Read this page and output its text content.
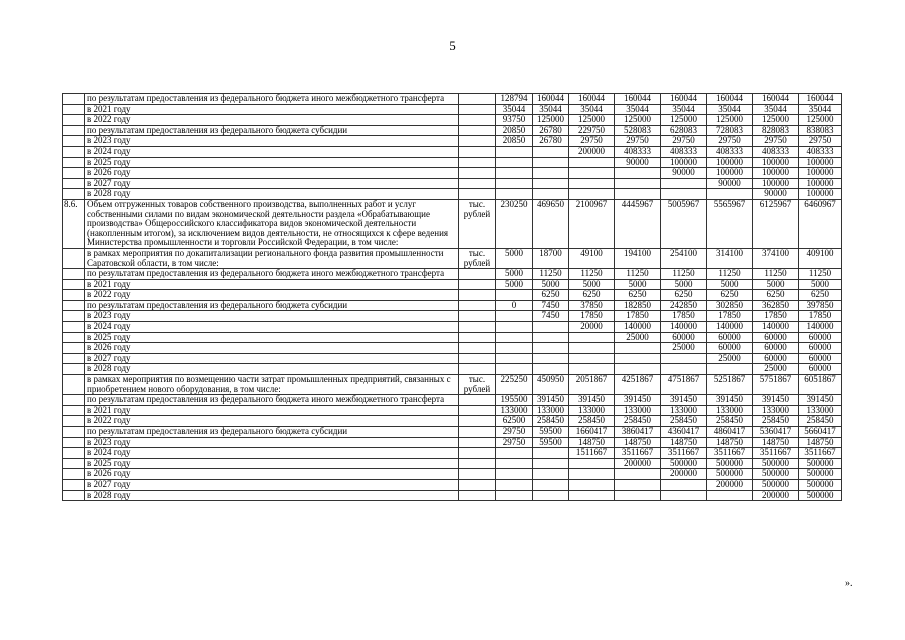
5
	по результатам предоставления из федерального бюджета иного межбюджетного трансферта		128794	160044	160044	160044	160044	160044	160044	160044
	в 2021 году		35044	35044	35044	35044	35044	35044	35044	35044
	в 2022 году		93750	125000	125000	125000	125000	125000	125000	125000
	по результатам предоставления из федерального бюджета субсидии		20850	26780	229750	528083	628083	728083	828083	838083
	в 2023 году		20850	26780	29750	29750	29750	29750	29750	29750
	в 2024 году				200000	408333	408333	408333	408333	408333
	в 2025 году					90000	100000	100000	100000	100000
	в 2026 году						90000	100000	100000	100000
	в 2027 году							90000	100000	100000
	в 2028 году								90000	100000
8.6.	Объем отгруженных товаров собственного производства, выполненных работ и услуг собственными силами по видам экономической деятельности раздела «Обрабатывающие производства» Общероссийского классификатора видов экономической деятельности (накопленным итогом), за исключением видов деятельности, не относящихся к сфере ведения Министерства промышленности и торговли Российской Федерации, в том числе:	тыс. рублей	230250	469650	2100967	4445967	5005967	5565967	6125967	6460967
	в рамках мероприятия по докапитализации регионального фонда развития промышленности Саратовской области, в том числе:	тыс. рублей	5000	18700	49100	194100	254100	314100	374100	409100
	по результатам предоставления из федерального бюджета иного межбюджетного трансферта		5000	11250	11250	11250	11250	11250	11250	11250
	в 2021 году		5000	5000	5000	5000	5000	5000	5000	5000
	в 2022 году			6250	6250	6250	6250	6250	6250	6250
	по результатам предоставления из федерального бюджета субсидии		0	7450	37850	182850	242850	302850	362850	397850
	в 2023 году			7450	17850	17850	17850	17850	17850	17850
	в 2024 году				20000	140000	140000	140000	140000	140000
	в 2025 году					25000	60000	60000	60000	60000
	в 2026 году						25000	60000	60000	60000
	в 2027 году							25000	60000	60000
	в 2028 году								25000	60000
	в рамках мероприятия по возмещению части затрат промышленных предприятий, связанных с приобретением нового оборудования, в том числе:	тыс. рублей	225250	450950	2051867	4251867	4751867	5251867	5751867	6051867
	по результатам предоставления из федерального бюджета иного межбюджетного трансферта		195500	391450	391450	391450	391450	391450	391450	391450
	в 2021 году		133000	133000	133000	133000	133000	133000	133000	133000
	в 2022 году		62500	258450	258450	258450	258450	258450	258450	258450
	по результатам предоставления из федерального бюджета субсидии		29750	59500	1660417	3860417	4360417	4860417	5360417	5660417
	в 2023 году		29750	59500	148750	148750	148750	148750	148750	148750
	в 2024 году				1511667	3511667	3511667	3511667	3511667	3511667
	в 2025 году					200000	500000	500000	500000	500000
	в 2026 году						200000	500000	500000	500000
	в 2027 году							200000	500000	500000
	в 2028 году								200000	500000
».
